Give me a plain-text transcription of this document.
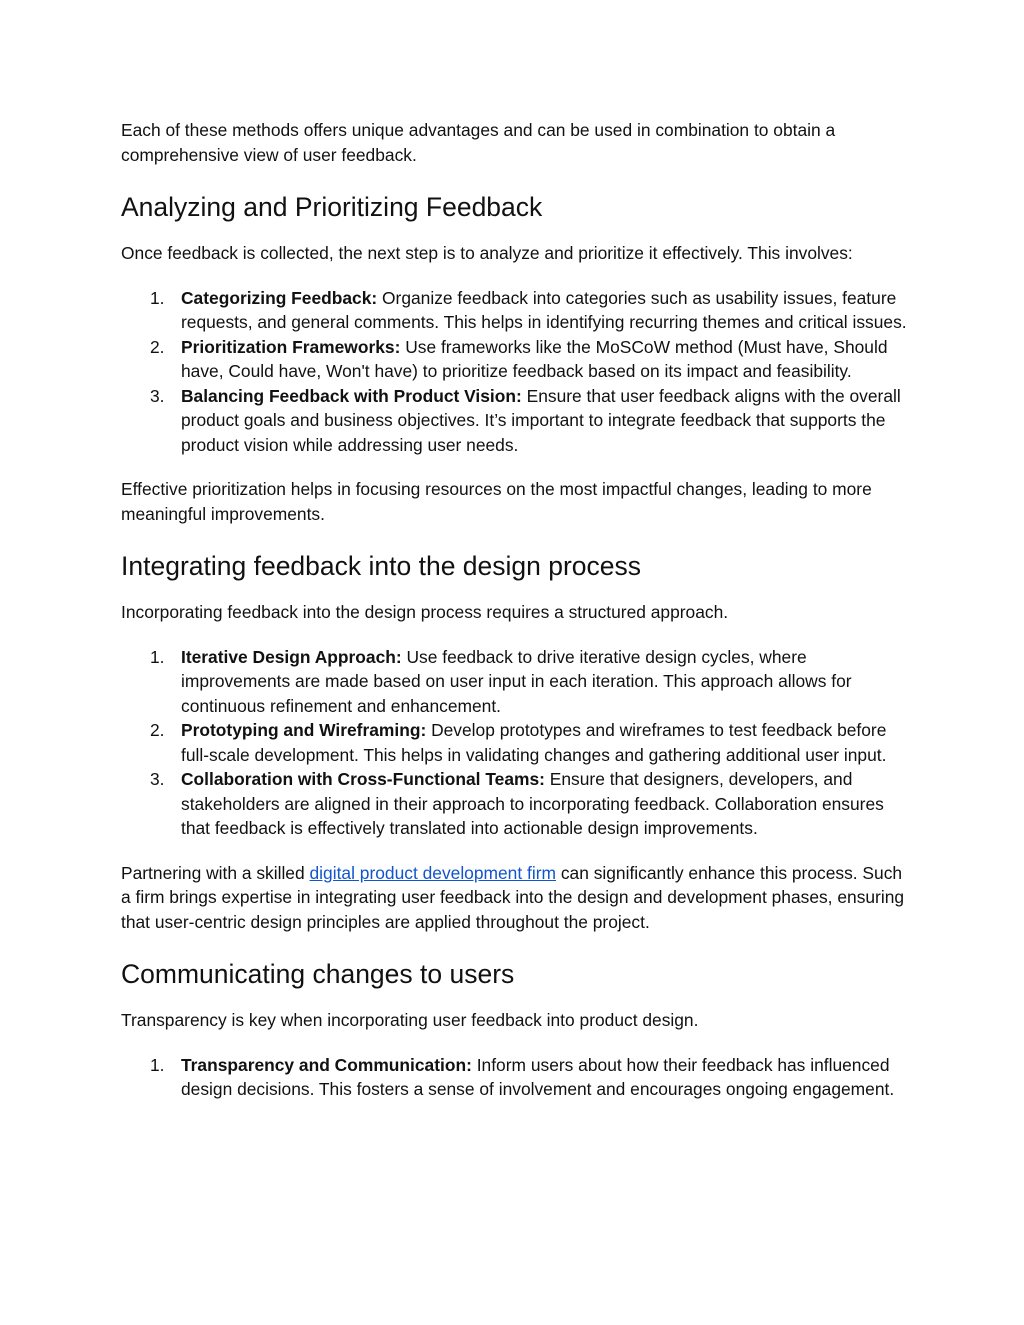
Each of these methods offers unique advantages and can be used in combination to obtain a comprehensive view of user feedback.

Analyzing and Prioritizing Feedback

Once feedback is collected, the next step is to analyze and prioritize it effectively. This involves:

1. Categorizing Feedback: Organize feedback into categories such as usability issues, feature requests, and general comments. This helps in identifying recurring themes and critical issues.
2. Prioritization Frameworks: Use frameworks like the MoSCoW method (Must have, Should have, Could have, Won't have) to prioritize feedback based on its impact and feasibility.
3. Balancing Feedback with Product Vision: Ensure that user feedback aligns with the overall product goals and business objectives. It’s important to integrate feedback that supports the product vision while addressing user needs.

Effective prioritization helps in focusing resources on the most impactful changes, leading to more meaningful improvements.

Integrating feedback into the design process

Incorporating feedback into the design process requires a structured approach.

1. Iterative Design Approach: Use feedback to drive iterative design cycles, where improvements are made based on user input in each iteration. This approach allows for continuous refinement and enhancement.
2. Prototyping and Wireframing: Develop prototypes and wireframes to test feedback before full-scale development. This helps in validating changes and gathering additional user input.
3. Collaboration with Cross-Functional Teams: Ensure that designers, developers, and stakeholders are aligned in their approach to incorporating feedback. Collaboration ensures that feedback is effectively translated into actionable design improvements.

Partnering with a skilled digital product development firm can significantly enhance this process. Such a firm brings expertise in integrating user feedback into the design and development phases, ensuring that user-centric design principles are applied throughout the project.

Communicating changes to users

Transparency is key when incorporating user feedback into product design.

1. Transparency and Communication: Inform users about how their feedback has influenced design decisions. This fosters a sense of involvement and encourages ongoing engagement.
